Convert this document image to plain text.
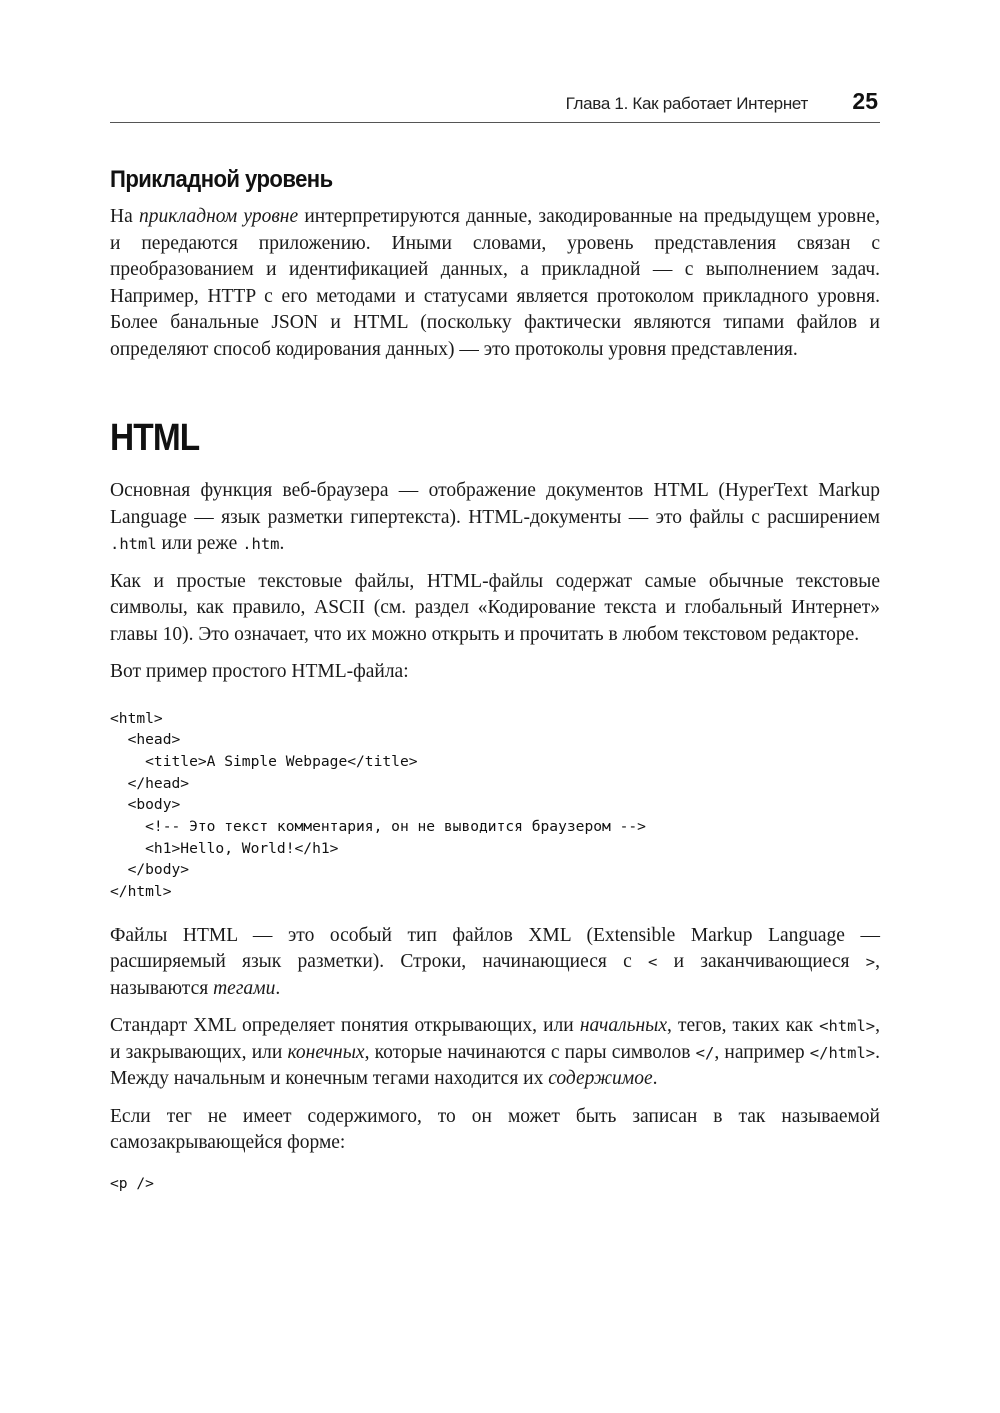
Глава 1. Как работает Интернет 25
Прикладной уровень

На прикладном уровне интерпретируются данные, закодированные на предыдущем уровне, и передаются приложению. Иными словами, уровень представления связан с преобразованием и идентификацией данных, а прикладной — с выполнением задач. Например, HTTP с его методами и статусами является протоколом прикладного уровня. Более банальные JSON и HTML (поскольку фактически являются типами файлов и определяют способ кодирования данных) — это протоколы уровня представления.

HTML

Основная функция веб-браузера — отображение документов HTML (HyperText Markup Language — язык разметки гипертекста). HTML-документы — это файлы с расширением .html или реже .htm.

Как и простые текстовые файлы, HTML-файлы содержат самые обычные текстовые символы, как правило, ASCII (см. раздел «Кодирование текста и глобальный Интернет» главы 10). Это означает, что их можно открыть и прочитать в любом текстовом редакторе.

Вот пример простого HTML-файла:

<html>
<head>
<title>A Simple Webpage</title>
</head>
<body>
<!-- Это текст комментария, он не выводится браузером -->
<h1>Hello, World!</h1>
</body>
</html>

Файлы HTML — это особый тип файлов XML (Extensible Markup Language — расширяемый язык разметки). Строки, начинающиеся с < и заканчивающиеся >, называются тегами.

Стандарт XML определяет понятия открывающих, или начальных, тегов, таких как <html>, и закрывающих, или конечных, которые начинаются с пары символов </, например </html>. Между начальным и конечным тегами находится их содержимое.

Если тег не имеет содержимого, то он может быть записан в так называемой самозакрывающейся форме:

<p />
